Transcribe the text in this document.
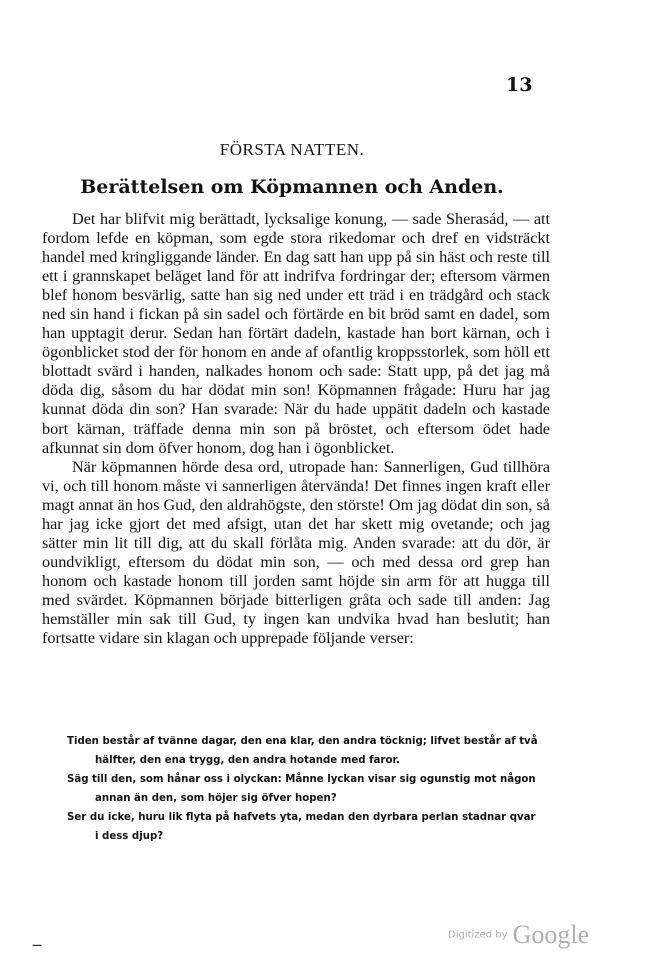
13
FÖRSTA NATTEN.
Berättelsen om Köpmannen och Anden.

Det har blifvit mig berättadt, lycksalige konung, — sade Sherasád, — att fordom lefde en köpman, som egde stora rikedomar och dref en vidsträckt handel med kringliggande länder. En dag satt han upp på sin häst och reste till ett i grannskapet beläget land för att indrifva fordringar der; eftersom värmen blef honom besvärlig, satte han sig ned under ett träd i en trädgård och stack ned sin hand i fickan på sin sadel och förtärde en bit bröd samt en dadel, som han upptagit derur. Sedan han förtärt dadeln, kastade han bort kärnan, och i ögonblicket stod der för honom en ande af ofantlig kroppsstorlek, som höll ett blottadt svärd i handen, nalkades honom och sade: Statt upp, på det jag må döda dig, såsom du har dödat min son! Köpmannen frågade: Huru har jag kunnat döda din son? Han svarade: När du hade uppätit dadeln och kastade bort kärnan, träffade denna min son på bröstet, och eftersom ödet hade afkunnat sin dom öfver honom, dog han i ögonblicket.

När köpmannen hörde desa ord, utropade han: Sannerligen, Gud tillhöra vi, och till honom måste vi sannerligen återvända! Det finnes ingen kraft eller magt annat än hos Gud, den aldrahögste, den störste! Om jag dödat din son, så har jag icke gjort det med afsigt, utan det har skett mig ovetande; och jag sätter min lit till dig, att du skall förlåta mig. Anden svarade: att du dör, är oundvikligt, eftersom du dödat min son, — och med dessa ord grep han honom och kastade honom till jorden samt höjde sin arm för att hugga till med svärdet. Köpmannen började bitterligen gråta och sade till anden: Jag hemställer min sak till Gud, ty ingen kan undvika hvad han beslutit; han fortsatte vidare sin klagan och upprepade följande verser:

Tiden består af tvänne dagar, den ena klar, den andra töcknig; lifvet består af två

hälfter, den ena trygg, den andra hotande med faror.

Säg till den, som hånar oss i olyckan: Månne lyckan visar sig ogunstig mot någon

annan än den, som höjer sig öfver hopen?

Ser du icke, huru lik flyta på hafvets yta, medan den dyrbara perlan stadnar qvar

i dess djup?

—
Digitized by Google
